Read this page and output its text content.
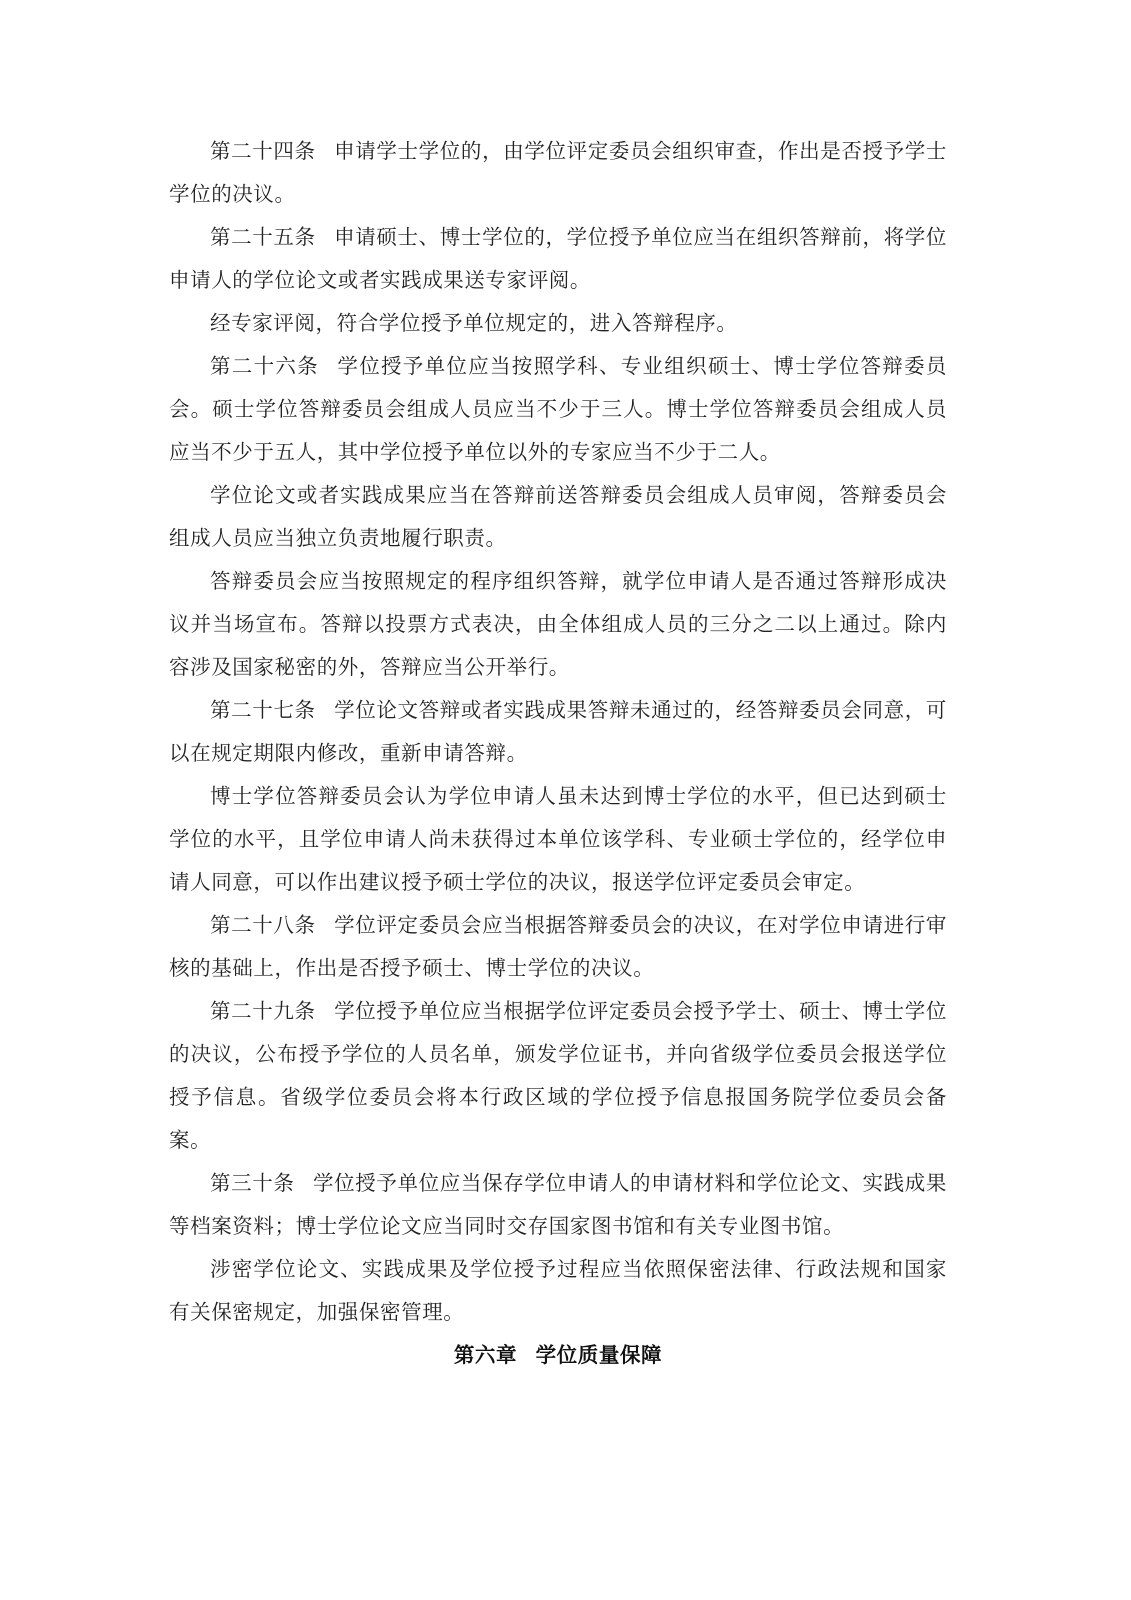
第二十四条 申请学士学位的，由学位评定委员会组织审查，作出是否授予学士学位的决议。

第二十五条 申请硕士、博士学位的，学位授予单位应当在组织答辩前，将学位申请人的学位论文或者实践成果送专家评阅。

经专家评阅，符合学位授予单位规定的，进入答辩程序。

第二十六条 学位授予单位应当按照学科、专业组织硕士、博士学位答辩委员会。硕士学位答辩委员会组成人员应当不少于三人。博士学位答辩委员会组成人员应当不少于五人，其中学位授予单位以外的专家应当不少于二人。

学位论文或者实践成果应当在答辩前送答辩委员会组成人员审阅，答辩委员会组成人员应当独立负责地履行职责。

答辩委员会应当按照规定的程序组织答辩，就学位申请人是否通过答辩形成决议并当场宣布。答辩以投票方式表决，由全体组成人员的三分之二以上通过。除内容涉及国家秘密的外，答辩应当公开举行。

第二十七条 学位论文答辩或者实践成果答辩未通过的，经答辩委员会同意，可以在规定期限内修改，重新申请答辩。

博士学位答辩委员会认为学位申请人虽未达到博士学位的水平，但已达到硕士学位的水平，且学位申请人尚未获得过本单位该学科、专业硕士学位的，经学位申请人同意，可以作出建议授予硕士学位的决议，报送学位评定委员会审定。

第二十八条 学位评定委员会应当根据答辩委员会的决议，在对学位申请进行审核的基础上，作出是否授予硕士、博士学位的决议。

第二十九条 学位授予单位应当根据学位评定委员会授予学士、硕士、博士学位的决议，公布授予学位的人员名单，颁发学位证书，并向省级学位委员会报送学位授予信息。省级学位委员会将本行政区域的学位授予信息报国务院学位委员会备案。

第三十条 学位授予单位应当保存学位申请人的申请材料和学位论文、实践成果等档案资料；博士学位论文应当同时交存国家图书馆和有关专业图书馆。

涉密学位论文、实践成果及学位授予过程应当依照保密法律、行政法规和国家有关保密规定，加强保密管理。

第六章 学位质量保障
